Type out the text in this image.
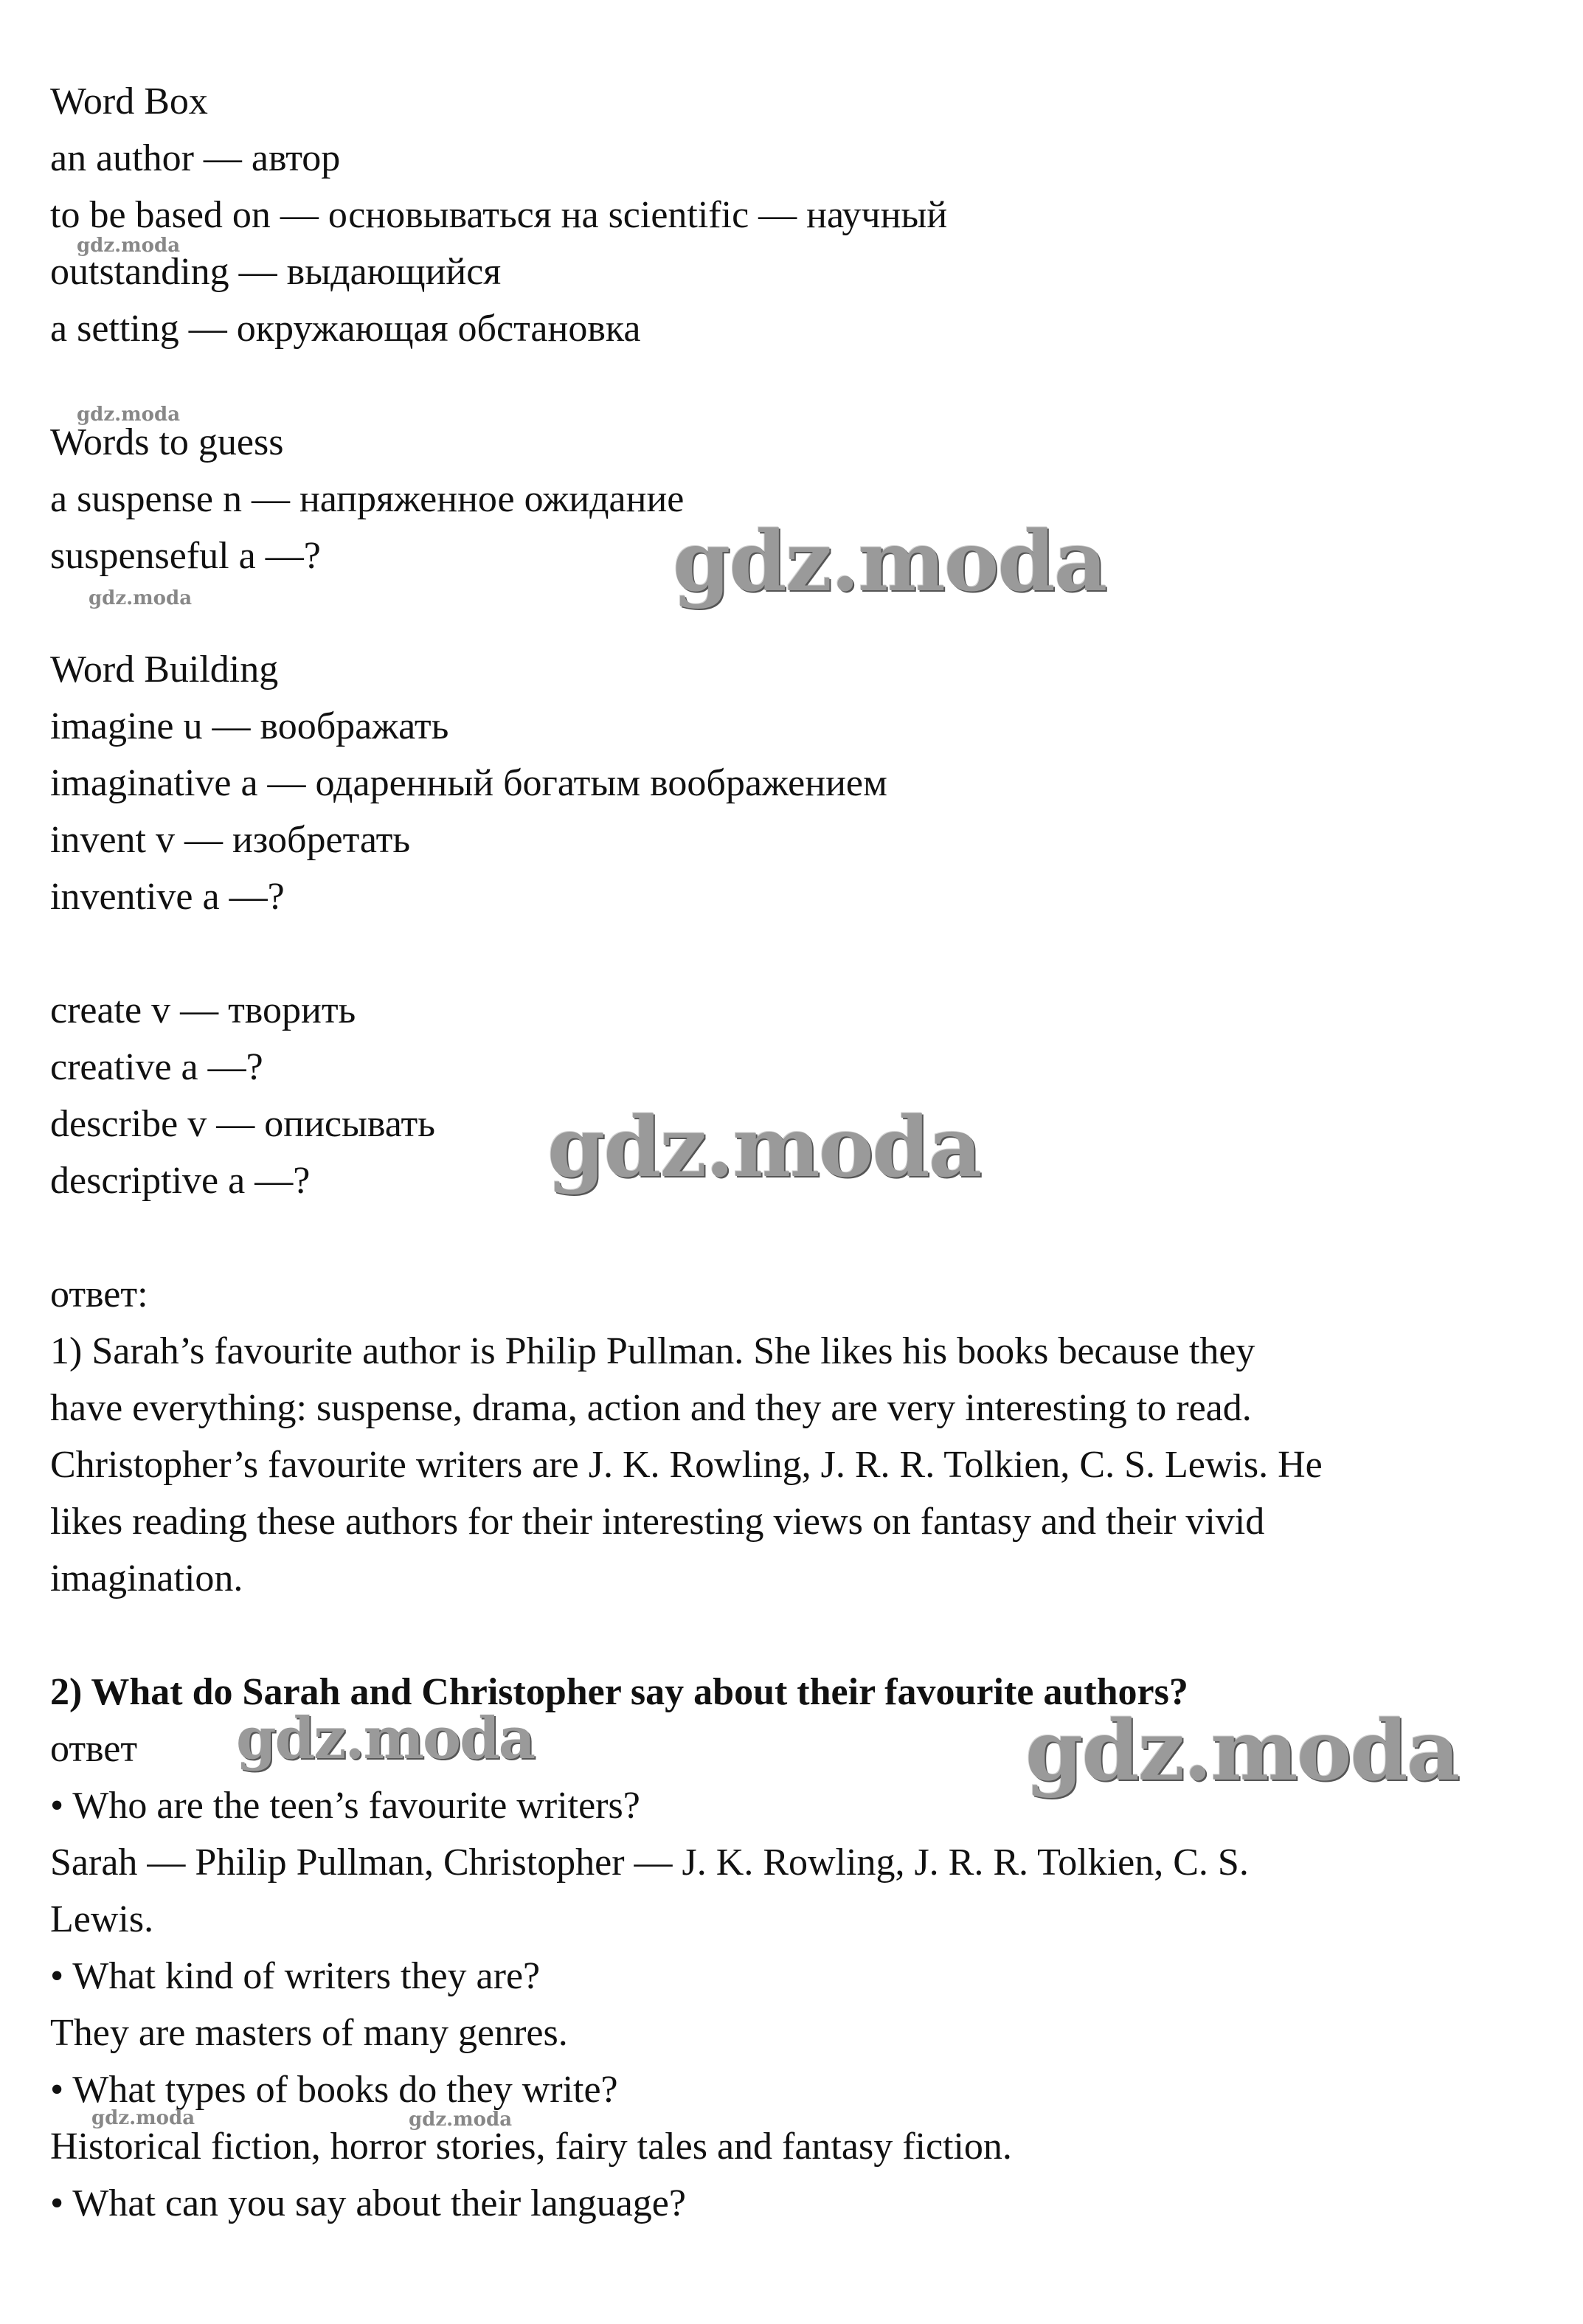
Word Box
an author — автор
to be based on — основываться на scientific — научный
outstanding — выдающийся
a setting — окружающая обстановка
Words to guess
a suspense n — напряженное ожидание
suspenseful a —?
Word Building
imagine u — воображать
imaginative a — одаренный богатым воображением
invent v — изобретать
inventive a —?
create v — творить
creative a —?
describe v — описывать
descriptive a —?
ответ:
1) Sarah’s favourite author is Philip Pullman. She likes his books because they
have everything: suspense, drama, action and they are very interesting to read.
Christopher’s favourite writers are J. K. Rowling, J. R. R. Tolkien, C. S. Lewis. He
likes reading these authors for their interesting views on fantasy and their vivid
imagination.
2) What do Sarah and Christopher say about their favourite authors?
ответ
• Who are the teen’s favourite writers?
Sarah — Philip Pullman, Christopher — J. K. Rowling, J. R. R. Tolkien, C. S.
Lewis.
• What kind of writers they are?
They are masters of many genres.
• What types of books do they write?
Historical fiction, horror stories, fairy tales and fantasy fiction.
• What can you say about their language?
gdz.moda
gdz.moda
gdz.moda	gdz.moda
gdz.moda
gdz.moda	gdz.moda
gdz.moda	gdz.moda
